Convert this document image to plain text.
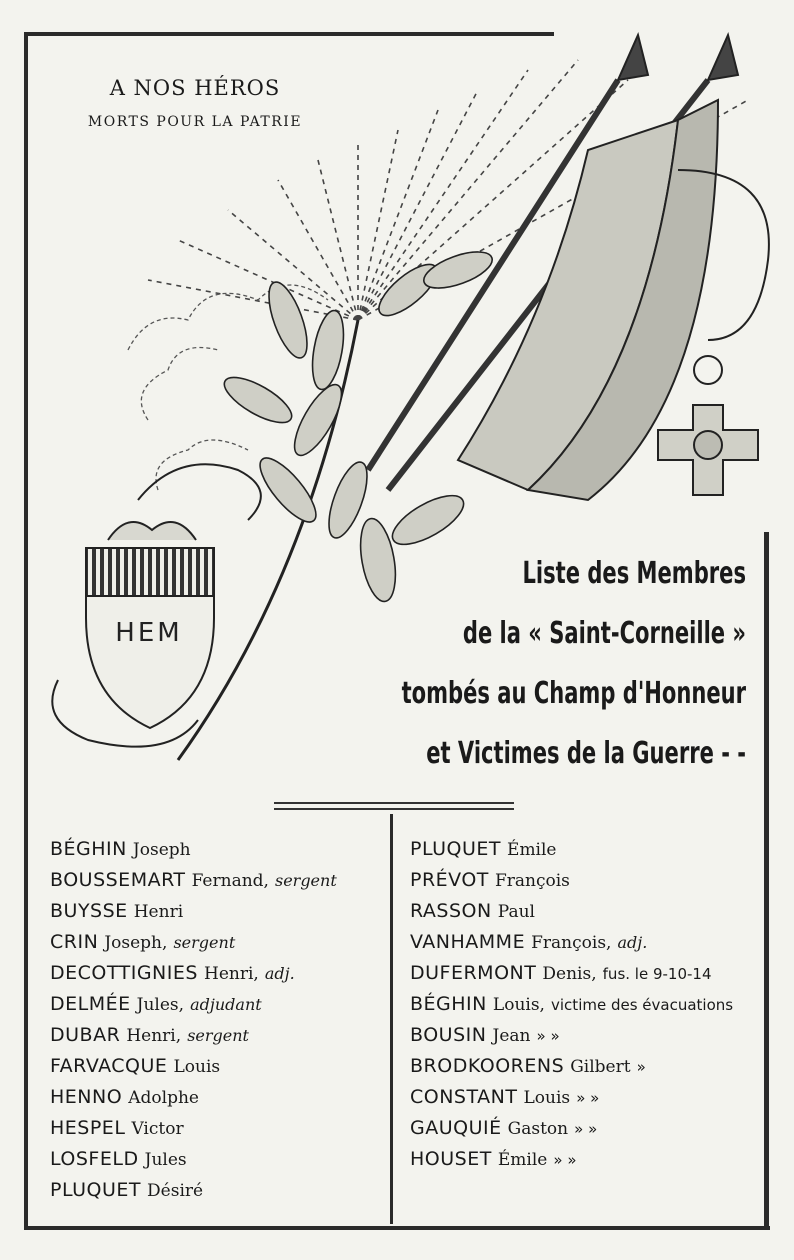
A NOS HÉROS
MORTS POUR LA PATRIE
HEM
Liste des Membres
de la « Saint-Corneille »
tombés au Champ d'Honneur
et Victimes de la Guerre - -
BÉGHIN Joseph
BOUSSEMART Fernand, sergent
BUYSSE Henri
CRIN Joseph, sergent
DECOTTIGNIES Henri, adj.
DELMÉE Jules, adjudant
DUBAR Henri, sergent
FARVACQUE Louis
HENNO Adolphe
HESPEL Victor
LOSFELD Jules
PLUQUET Désiré
PLUQUET Émile
PRÉVOT François
RASSON Paul
VANHAMME François, adj.
DUFERMONT Denis, fus. le 9-10-14
BÉGHIN Louis, victime des évacuations
BOUSIN Jean » »
BRODKOORENS Gilbert »
CONSTANT Louis » »
GAUQUIÉ Gaston » »
HOUSET Émile » »
